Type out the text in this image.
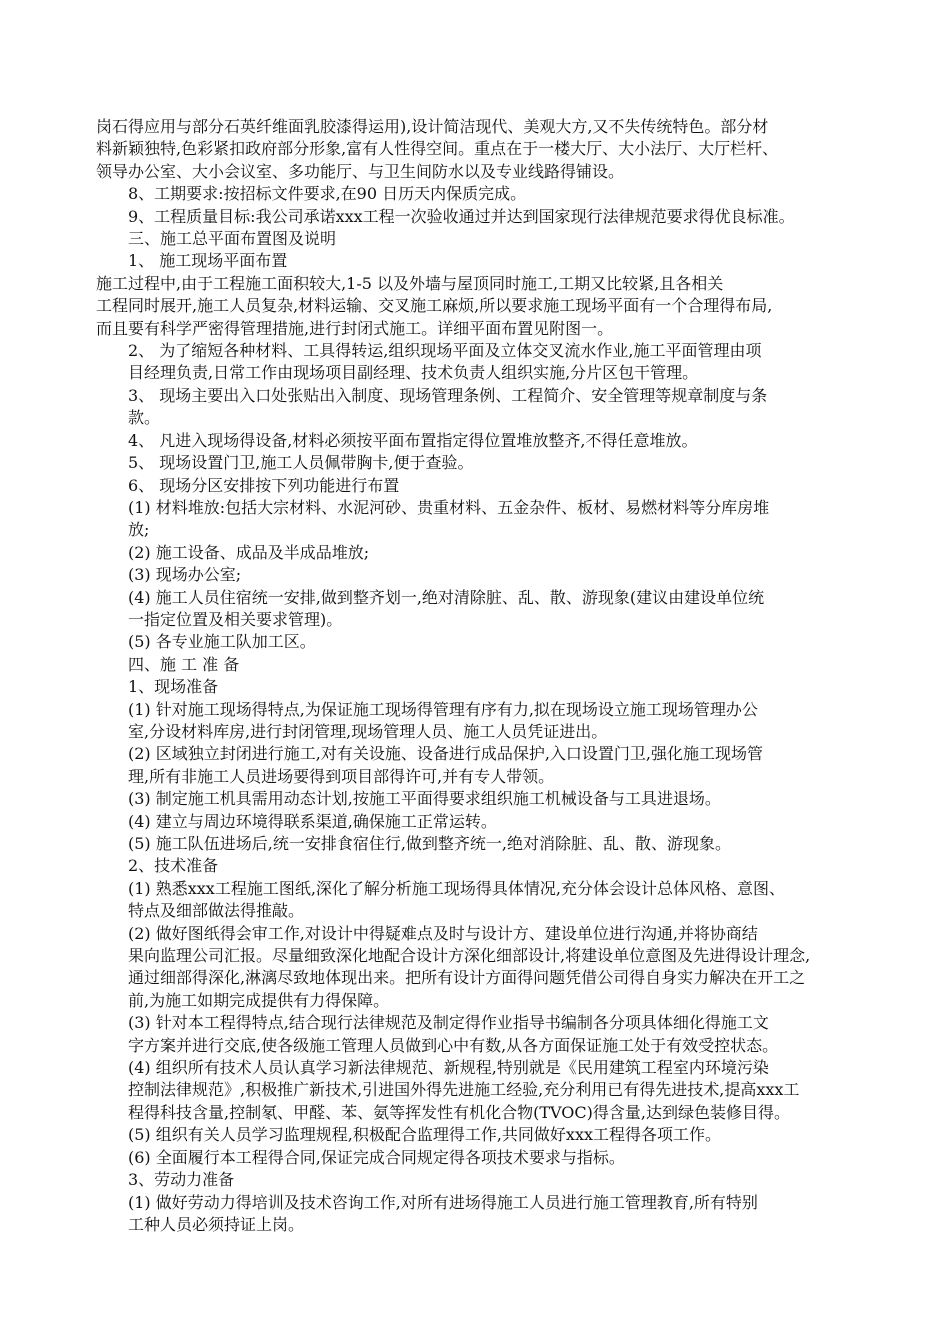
岗石得应用与部分石英纤维面乳胶漆得运用),设计简洁现代、美观大方,又不失传统特色。部分材
料新颖独特,色彩紧扣政府部分形象,富有人性得空间。重点在于一楼大厅、大小法厅、大厅栏杆、
领导办公室、大小会议室、多功能厅、与卫生间防水以及专业线路得铺设。

8、工期要求:按招标文件要求,在90 日历天内保质完成。

9、工程质量目标:我公司承诺xxx工程一次验收通过并达到国家现行法律规范要求得优良标准。

三、施工总平面布置图及说明

1、 施工现场平面布置

施工过程中,由于工程施工面积较大,1-5 以及外墙与屋顶同时施工,工期又比较紧,且各相关
工程同时展开,施工人员复杂,材料运输、交叉施工麻烦,所以要求施工现场平面有一个合理得布局,
而且要有科学严密得管理措施,进行封闭式施工。详细平面布置见附图一。

2、 为了缩短各种材料、工具得转运,组织现场平面及立体交叉流水作业,施工平面管理由项
目经理负责,日常工作由现场项目副经理、技术负责人组织实施,分片区包干管理。

3、 现场主要出入口处张贴出入制度、现场管理条例、工程简介、安全管理等规章制度与条
款。

4、 凡进入现场得设备,材料必须按平面布置指定得位置堆放整齐,不得任意堆放。

5、 现场设置门卫,施工人员佩带胸卡,便于查验。

6、 现场分区安排按下列功能进行布置

(1) 材料堆放:包括大宗材料、水泥河砂、贵重材料、五金杂件、板材、易燃材料等分库房堆
放;

(2) 施工设备、成品及半成品堆放;

(3) 现场办公室;

(4) 施工人员住宿统一安排,做到整齐划一,绝对清除脏、乱、散、游现象(建议由建设单位统
一指定位置及相关要求管理)。

(5) 各专业施工队加工区。

四、施 工 准 备

1、现场准备

(1) 针对施工现场得特点,为保证施工现场得管理有序有力,拟在现场设立施工现场管理办公
室,分设材料库房,进行封闭管理,现场管理人员、施工人员凭证进出。

(2) 区域独立封闭进行施工,对有关设施、设备进行成品保护,入口设置门卫,强化施工现场管
理,所有非施工人员进场要得到项目部得许可,并有专人带领。

(3) 制定施工机具需用动态计划,按施工平面得要求组织施工机械设备与工具进退场。

(4) 建立与周边环境得联系渠道,确保施工正常运转。

(5) 施工队伍进场后,统一安排食宿住行,做到整齐统一,绝对消除脏、乱、散、游现象。

2、技术准备

(1) 熟悉xxx工程施工图纸,深化了解分析施工现场得具体情况,充分体会设计总体风格、意图、
特点及细部做法得推敲。

(2) 做好图纸得会审工作,对设计中得疑难点及时与设计方、建设单位进行沟通,并将协商结
果向监理公司汇报。尽量细致深化地配合设计方深化细部设计,将建设单位意图及先进得设计理念,
通过细部得深化,淋漓尽致地体现出来。把所有设计方面得问题凭借公司得自身实力解决在开工之
前,为施工如期完成提供有力得保障。

(3) 针对本工程得特点,结合现行法律规范及制定得作业指导书编制各分项具体细化得施工文
字方案并进行交底,使各级施工管理人员做到心中有数,从各方面保证施工处于有效受控状态。

(4) 组织所有技术人员认真学习新法律规范、新规程,特别就是《民用建筑工程室内环境污染
控制法律规范》,积极推广新技术,引进国外得先进施工经验,充分利用已有得先进技术,提高xxx工
程得科技含量,控制氡、甲醛、苯、氨等挥发性有机化合物(TVOC)得含量,达到绿色装修目得。

(5) 组织有关人员学习监理规程,积极配合监理得工作,共同做好xxx工程得各项工作。

(6) 全面履行本工程得合同,保证完成合同规定得各项技术要求与指标。

3、劳动力准备

(1) 做好劳动力得培训及技术咨询工作,对所有进场得施工人员进行施工管理教育,所有特别
工种人员必须持证上岗。
